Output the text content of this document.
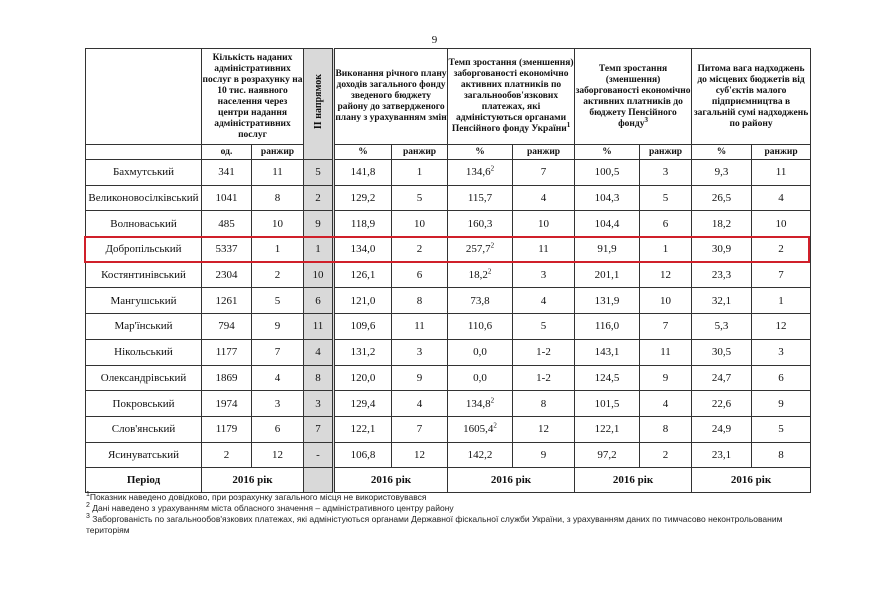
9
	Кількість наданих адміністративних послуг в розрахунку на 10 тис. наявного населення через центри надання адміністративних послуг		ІІ напрямок	Виконання річного плану доходів загального фонду зведеного бюджету району до затвердженого плану з урахуванням змін		Темп зростання (зменшення) заборгованості економічно активних платників по загальнообов'язкових платежах, які адміністуються органами Пенсійного фонду України$^1$		Темп зростання (зменшення) заборгованості економічно активних платників до бюджету Пенсійного фонду$^3$		Питома вага надходжень до місцевих бюджетів від суб'єктів малого підприємництва в загальній сумі надходжень по району	
	од.	ранжир		%	ранжир	%	ранжир	%	ранжир	%	ранжир
Бахмутський	341	11	5	141,8	1	134,6$^2$	7	100,5	3	9,3	11
Великоновосілківський	1041	8	2	129,2	5	115,7	4	104,3	5	26,5	4
Волноваський	485	10	9	118,9	10	160,3	10	104,4	6	18,2	10
Добропільський	5337	1	1	134,0	2	257,7$^2$	11	91,9	1	30,9	2
Костянтинівський	2304	2	10	126,1	6	18,2$^2$	3	201,1	12	23,3	7
Мангушський	1261	5	6	121,0	8	73,8	4	131,9	10	32,1	1
Мар'їнський	794	9	11	109,6	11	110,6	5	116,0	7	5,3	12
Нікольський	1177	7	4	131,2	3	0,0	1-2	143,1	11	30,5	3
Олександрівський	1869	4	8	120,0	9	0,0	1-2	124,5	9	24,7	6
Покровський	1974	3	3	129,4	4	134,8$^2$	8	101,5	4	22,6	9
Слов'янський	1179	6	7	122,1	7	1605,4$^2$	12	122,1	8	24,9	5
Ясинуватський	2	12	-	106,8	12	142,2	9	97,2	2	23,1	8
Період	2016 рік			2016 рік		2016 рік		2016 рік		2016 рік	

$^1$Показник наведено довідково, при розрахунку загального місця не використовувався

$^2$ Дані наведено з урахуванням міста обласного значення – адміністративного центру району

$^3$ Заборгованість по загальнообов'язкових платежах, які адміністуються органами Державної фіскальної служби України, з урахуванням даних по тимчасово неконтрольованим територіям
